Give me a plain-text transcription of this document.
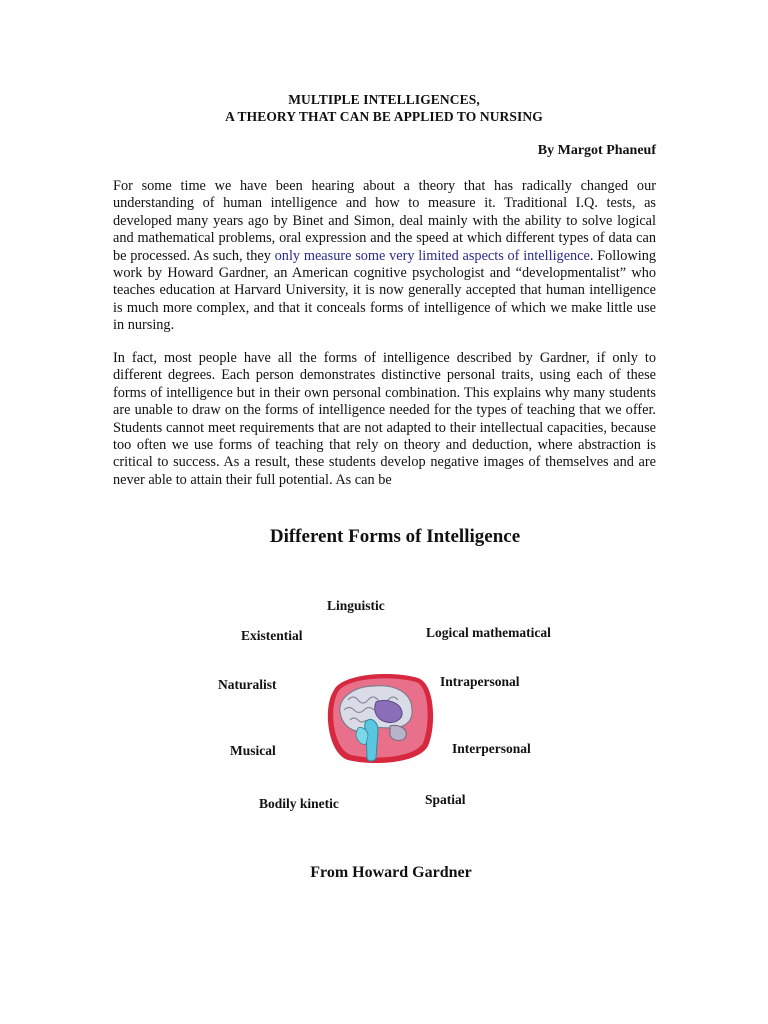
MULTIPLE INTELLIGENCES,
A THEORY THAT CAN BE APPLIED TO NURSING
By Margot Phaneuf

For some time we have been hearing about a theory that has radically changed our understanding of human intelligence and how to measure it. Traditional I.Q. tests, as developed many years ago by Binet and Simon, deal mainly with the ability to solve logical and mathematical problems, oral expression and the speed at which different types of data can be processed. As such, they only measure some very limited aspects of intelligence. Following work by Howard Gardner, an American cognitive psychologist and “developmentalist” who teaches education at Harvard University, it is now generally accepted that human intelligence is much more complex, and that it conceals forms of intelligence of which we make little use in nursing.

In fact, most people have all the forms of intelligence described by Gardner, if only to different degrees. Each person demonstrates distinctive personal traits, using each of these forms of intelligence but in their own personal combination. This explains why many students are unable to draw on the forms of intelligence needed for the types of teaching that we offer. Students cannot meet requirements that are not adapted to their intellectual capacities, because too often we use forms of teaching that rely on theory and deduction, where abstraction is critical to success. As a result, these students develop negative images of themselves and are never able to attain their full potential. As can be

Different Forms of Intelligence
Linguistic
Existential	Logical mathematical
Naturalist	Intrapersonal
Musical	Interpersonal
Bodily kinetic	Spatial
From Howard Gardner
